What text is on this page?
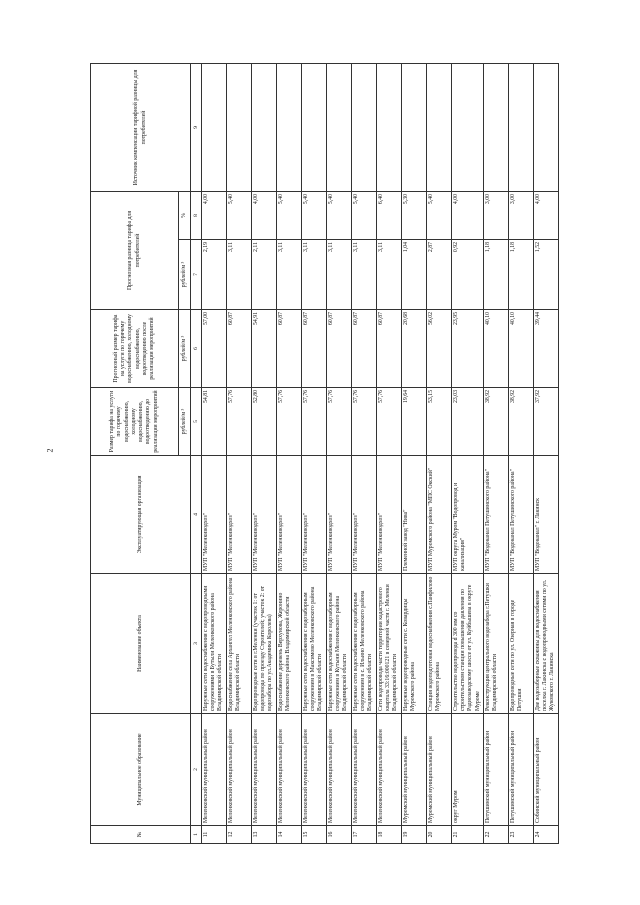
2
№	Муниципальное образование	Наименование объекта	Эксплуатирующая организация	Размер тарифа на услуги по горячему водоснабжению, холодному водоснабжению, водоотведению до реализации мероприятий	Прогнозный размер тарифа на услуги по горячему водоснабжению, холодному водоснабжению, водоотведению после реализации мероприятий	Прогнозная разница тарифа для потребителей		Источник компенсации тарифной разницы для потребителей
				рублей/м ³	рублей/м ³	рублей/м ³	%	
1	2	3	4	5	6	7	8	9
11	Меленковский муниципальный район	Наружные сети водоснабжения с водопроводными сооружениями в Бутыли Меленковского района Владимирской области	МУП "Меленкиводхоз"	54,81	57,00	2,19	4,00	
12	Меленковский муниципальный район	Водоснабжение села Архангел Меленковского района Владимирской области	МУП "Меленкиводхоз"	57,76	60,87	3,11	5,40	
13	Меленковский муниципальный район	Водопроводные сети в г.Меленки (участок 1: от водопровода по проезду Строителей; участок 2: от водозабора по ул.Академика Королева)	МУП "Меленкиводхоз"	52,80	54,91	2,11	4,00	
14	Меленковский муниципальный район	Водоснабжение деревень Верхунова, Жеронино Меленковского района Владимирской области	МУП "Меленкиводхоз"	57,76	60,87	3,11	5,40	
15	Меленковский муниципальный район	Наружные сети водоснабжения с водозаборным сооружением в Максимово Меленковского района Владимирской области	МУП "Меленкиводхоз"	57,76	60,87	3,11	5,40	
16	Меленковский муниципальный район	Наружные сети водоснабжения с водозаборным сооружением в Кутыни Меленковского района Владимирской области	МУП "Меленкиводхоз"	57,76	60,87	3,11	5,40	
17	Меленковский муниципальный район	Наружные сети водоснабжения с водозаборным сооружением в с. Ильино Меленковского района Владимирской области	МУП "Меленкиводхоз"	57,76	60,87	3,11	5,40	
18	Меленковский муниципальный район	Сети водопровода части территории кадастрового квартала 33:16:000121 в северной части г. Меленки Владимирской области	МУП "Меленкиводхоз"	57,76	60,87	3,11	6,40	
19	Муромский муниципальный район	Наружные водопроводные сети с. Ковардицы Муромского района	Племенной завод "Нива"	19,64	20,68	1,04	5,30	
20	Муромский муниципальный район	Станция водоподготовки водоснабжения с.Панфилово Муромского района	МУП Муромского района "МПС Окский"	53,15	56,02	2,87	5,40	
21	округ Муром	Строительство водопровода d 300 мм со строительством станции повышения давления по Радиозаводскому шоссе от ул. Куйбышева в округе Муроме	МУП округа Муром "Водопровод и канализация"	23,03	23,95	0,92	4,00	
22	Петушинский муниципальный район	Реконструкция центрального водозабора г.Петушки Владимирской области	МУП "Водоканал Петушинского района"	38,92	40,10	1,18	3,00	
23	Петушинский муниципальный район	Водопроводные сети по ул. Озерная в городе Петушки	МУП "Водоканал Петушинского района"	38,92	40,10	1,18	3,00	
24	Собинский муниципальный район	Две водозаборные скважины для водоснабжения поселка г. Лакинска с водопроводными сетями по ул. Жуковского г. Лакинска	МУП "Водоканал" г. Лакинск	37,92	39,44	1,52	4,00	
